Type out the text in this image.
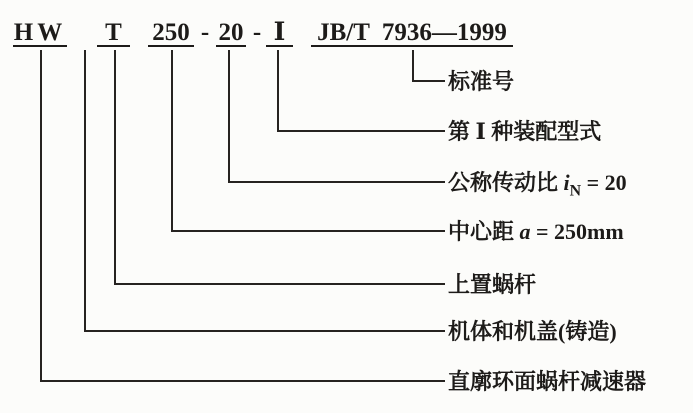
HW	T	250 - 20 - Ⅰ	JB/T  7936—1999
标准号
第 Ⅰ 种装配型式
公称传动比 $i_N = 20$
中心距 a = 250mm
上置蜗杆
机体和机盖(铸造)
直廓环面蜗杆减速器
